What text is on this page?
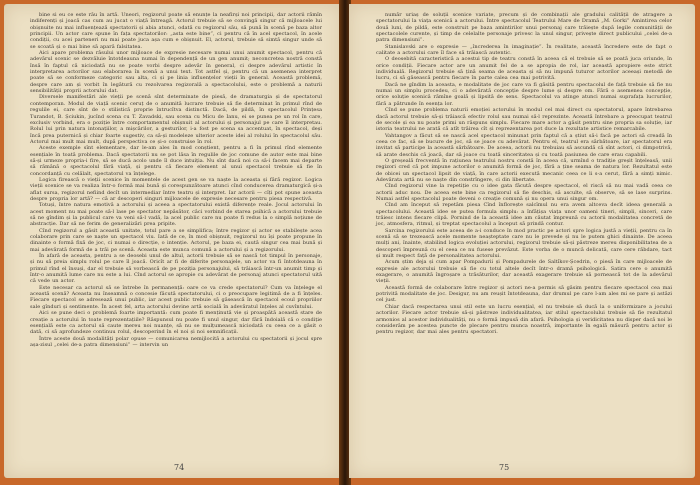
bine si eu ce este rău în artă. Uneori, regizorul poate să enunțe la neafirși noi principii, dar actorii rămîn indiferenți și joacă cas cum au jucat o viață întreagă. Actorul trebuie să se convingă singur că mijloacele lui obișnuite nu mai influențează spectatorii și abia atunci, odată cu regizorul său, să pună în scenă pe baza altor principii. Un actor care spune în fața spectatorilor: „asta este bine”, ci pentru că în acel spectacol, în acele condiții, cu acei parteneri nu mai poate juca așa cum e obișnuit. El, actorul, trebuie să simtă singur unde să se scoată și o mai bine să apară falsitatea.

Aici apare problema râsului unor mijloace de expresie necesare numai unui anumit spectacol, pentru că adevărul scenic se dezvăluie întotdeauna numai în dependență de un gen anumit; neconcretea nostră constă însă în faptul că niciodată nu se poate vorbi despre adevăr în general, ci despre adevărul artistic în interpretarea actorilor sau elaborarea în scenă a unui text. Tot astfel și, pentru că un asemenea interpret poate să se conformeze categoric sau alta, ci și pe linia influențelor vieții în general. Această problemă, despre care am și vorbit în legătură cu rezolvarea regizorală a spectacolului, este o problemă a naturii sensibilității proprii actorului dat.

Diversele manifestări ale vieții pe scenă sînt determinate de piesă, de dramaturgia și de spectatorul contemporan. Modul de viață scenic ceruț de o anumită lucrare trebuie să fie determinat în primul rînd de regulile ei, care sînt de o stilistică proprie întrucîtva distinctă. Dacă, de pildă, în spectacolul Prințesa Turandot, B. Șciukin, jucînd scena cu T. Zavadski, sau scena cu Micu de Ianu, ei se punea pe un rol în care, exclusiv vorbind, era o poziție între comportamentul obișnuit al actorului și personajul pe care îl interpretau. Rolul lui prin natura intonațiilor, a mișcărilor, a gesturilor, i-a fost pe scena sa accentuat, în spectacol, deși încă prea puternică și chiar foarte sugestiv, ca să-și modeleze ulterior aceste idei al rolului în spectacolul său. Actorul mai mult mai mult, după perspectiva ce și-o construise în rol.

Aceste exemple sînt elementare, dar le-am ales în mod conștient, pentru a fi în primul rînd elemente esențiale în toată problema. Dacă spectatorii nu se pot lăsa în regulile de joc comune de autor este mai bine să-și urmeze propria-i fire, să se ducă acolo unde îl duce intuiția. Nu sînt dacă noi ca să-i facem mai departe să rămână o spectacolul fără viață, și pentru că fiecare element al unui spectacol trebuie să fie în concordanță cu celălalt, spectatorul va înțelege.

Logica firească o vieții scenice în momentele de acest gen se va naște la aceasta și fără regizor. Logica vieții scenice se va realiza într-o formă mai bună și corespunzătoare atunci cînd conducerea dramaturgică și-a aflat sursa, regizorul nefiind decît un intermediar între teatru și interpret. Iar actorii — cîți pot spune aceasta despre propria lor artă? — că ar descoperi singuri mijloacele de expresie necesare pentru piesa respectivă.

Totuși, între natura emotivă a actorului și aceea a spectatorului există diferențe reale. Jocul actorului în acest moment nu mai poate să-l lase pe spectator nepăsător, căci vorbind de starea psihică a actorului trebuie să ne gîndim și la publicul care va veni să-l vadă, la acel public care nu poate fi redus la o simplă noțiune de abstracție. Dar să ne ferim de generalizări prea pripite.

Cînd regizorul a găsit această unitate, totul pare a se simplifica; între regizor și actor se stabilește acea colaborare prin care se naște un spectacol viu. Iată de ce, în mod obișnuit, regizorul nu își poate propune în dinainte o formă fixă de joc, ci numai o direcție, o intenție. Actorul, pe baza ei, caută singur cea mai bună și mai adevărată formă de a trăi pe scenă. Aceasta este munca comună a actorului și a regizorului.

În afară de aceasta, pentru a se deosebi unul de altul, actorii trebuie să se nască tot timpul în personaje, și nu să preia simplu rolul pe care îl joacă. Oricît ar fi de diferite personajele, un actor va fi întotdeauna în primul rînd el însuși, dar el trebuie să vorbească de pe poziția personajului, să trăiască într-un anumit timp și într-o anumită lume care nu este a lui. Cînd actorul se apropie cu adevărat de personaj atunci spectatorul uită că vede un actor.

Este necesar ca actorul să se întrebe în permanență: oare ce va crede spectatorul? Cum va înțelege el această scenă? Aceasta nu înseamnă o concesie făcută spectatorului, ci o preocupare legitimă de a fi înțeles. Fiecare spectacol se adresează unui public, iar acest public trebuie să găsească în spectacol ecoul propriilor sale gînduri și sentimente. În acest fel, arta actorului devine artă socială în adevăratul înțeles al cuvîntului.

Aici se pune deci o problemă foarte importantă: cum poate fi menținută vie și proaspătă această stare de creație a actorului în toate reprezentațiile? Răspunsul nu poate fi unul singur, dar fără îndoială că o condiție esențială este ca actorul să caute mereu noi nuanțe, să nu se mulțumească niciodată cu ceea ce a găsit o dată, ci să aprofundeze continuu rolul, descoperind în el noi și noi semnificații.

Între aceste două modalități polar opuse — comunicarea nemijlocită a actorului cu spectatorii și jocul spre așa-zisul „celei de-a patra dimensiuni” — intervin un

74

număr uriaș de soluții scenice variate, precum și de combinații ale gradului calității de atragere a spectatorului la viața scenică a actorului. Între spectacolul Teatrului Mare de Dramă „M. Gorki” Amintirea celor două luni, de pildă, este construit pe baza amintirilor unui personaj care trăiește după legile comunității de spectacolele curente, și timp de celelalte personaje privesc la unul singur, privește direct publicului „celei de-a patra dimensiuni”.

Stanislavski are o expresie — „încrederea în imaginație”. În realitate, această încredere este de fapt o calitate a actorului care îl face să trăiască autentic.

O deosebită caracteristică a acestui tip de teatru constă în aceea că el trebuie să se poată juca oriunde, în orice condiții. Fiecare actor are un anumit fel de a se apropia de rol, iar această apropiere este strict individuală. Regizorul trebuie să țină seama de aceasta și să nu impună tuturor actorilor aceeași metodă de lucru, ci să găsească pentru fiecare în parte calea cea mai potrivită.

Dacă ne gîndim la aceasta, e modalitate de joc care va fi găsită pentru spectacolul de față trebuie să fie nu numai un simplu procedeu, ci o adevărată concepție despre lume și despre om. Fără o asemenea concepție, orice soluție scenică rămîne goală și lipsită de sens. Spectacolul va atinge atunci numai suprafața lucrurilor, fără a pătrunde în esența lor.

Cînd se pune problema naturii emoției actorului în modul cel mai direct cu spectatorul, apare întrebarea dacă actorul trebuie să-și trăiască efectiv rolul sau numai să-l reprezinte. Această întrebare a preocupat teatrul de secole și ea nu poate primi un răspuns simplu. Fiecare mare actor a găsit pentru sine propria sa soluție, iar istoria teatrului ne arată că atît trăirea cît și reprezentarea pot duce la rezultate artistice remarcabile.

Vahtangov a făcut să se nască acel spectacol minunat prin faptul că a știut să-i facă pe actori să creadă în ceea ce fac, să se bucure de joc, să se joace cu adevărat. Pentru el, teatrul era sărbătoare, iar spectatorul era invitat să participe la această sărbătoare. De aceea, actorii nu trebuiau să ascundă că sînt actori, ci dimpotrivă, să arate deschis că joacă, dar să joace cu toată sinceritatea și cu toată pasiunea de care erau capabili.

O greșeală frecventă în rațiunea teatrului nostru constă în aceea că, urmînd o tradiție greșit înțeleasă, unii regizori cred că pot impune actorilor o anumită formă de joc, fără a ține seama de natura lor. Rezultatul este de obicei un spectacol lipsit de viață, în care actorii execută mecanic ceea ce li s-a cerut, fără a simți nimic. Adevărata artă nu se naște din constrîngere, ci din libertate.

Cînd regizorul vine la repetiție cu o idee gata făcută despre spectacol, el riscă să nu mai vadă ceea ce actorii aduc nou. De aceea este bine ca regizorul să fie deschis, să asculte, să observe, să se lase surprins. Numai astfel spectacolul poate deveni o creație comună și nu opera unui singur om.

Cînd am început să repetăm piesa Cînd înflorește salcîmul nu era avem altceva decît ideea generală a spectacolului. Această idee se putea formula simplu: a înfățișa viața unor oameni tineri, simpli, sinceri, care trăiesc intens fiecare clipă. Pornind de la această idee am căutat împreună cu actorii modalitatea concretă de joc, atmosfera, ritmul, și treptat spectacolul a început să prindă contur.

Sarcina regizorului este aceea de a-i conduce în mod practic pe actori spre logica justă a vieții, pentru ca în scenă să se trezească acele momente neașteptate care nu le prevede și nu le putem ghici dinainte. De aceea mulți ani, înainte, stabilind logica evoluției actorului, regizorul trebuie să-și păstreze mereu disponibilitatea de a descoperi împreună cu el ceea ce nu fusese prevăzut. Este vorba de o muncă delicată, care cere răbdare, tact și mult respect față de personalitatea actorului.

Acum știm deja și cum apar Pompadurii și Pompadurele de Saltîkov-Șcedrin, o piesă în care mijloacele de expresie ale actorului trebuie să fie cu totul altele decît într-o dramă psihologică. Satira cere o anumită exagerare, o anumită îngroșare a trăsăturilor, dar această exagerare trebuie să pornească tot de la adevărul vieții.

Această formă de colaborare între regizor și actori ne-a permis să găsim pentru fiecare spectacol cea mai potrivită modalitate de joc. Desigur, nu am reușit întotdeauna, dar drumul pe care l-am ales mi se pare și astăzi cel just.

Chiar dacă respectarea unui stil este un lucru esențial, el nu trebuie să ducă la o uniformizare a jocului actorilor. Fiecare actor trebuie să-și păstreze individualitatea, iar stilul spectacolului trebuie să fie rezultatul armonios al acestor individualități, nu o formă impusă din afară. Psihologia și veridicitatea nu disper dacă noi le considerăm pe acestea puncte de plecare pentru munca noastră, importante în egală măsură pentru actor și pentru regizor, dar mai ales pentru spectatori.

75
